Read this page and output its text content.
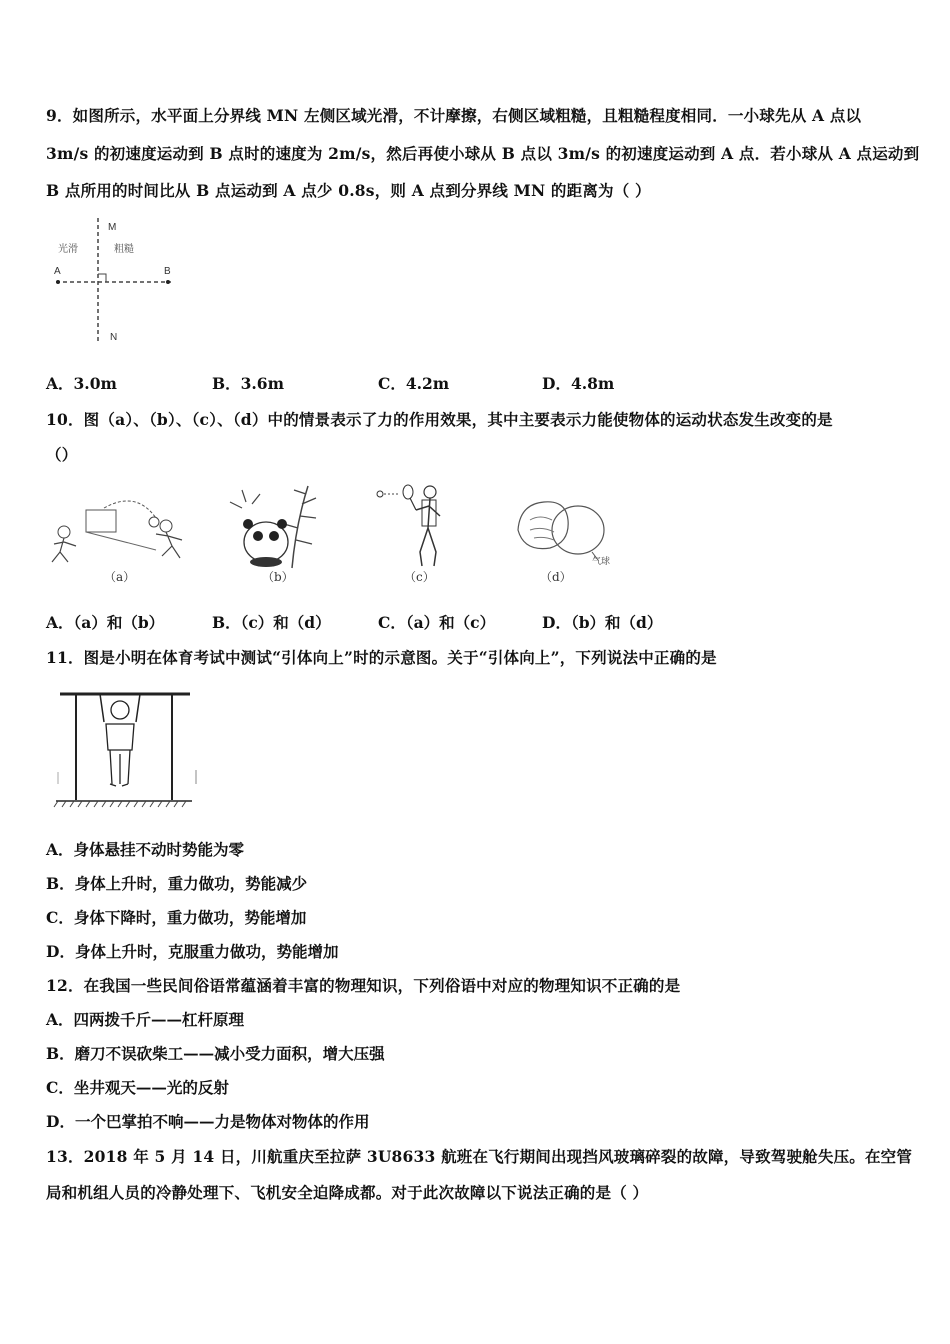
9．如图所示，水平面上分界线 MN 左侧区域光滑，不计摩擦，右侧区域粗糙，且粗糙程度相同．一小球先从 A 点以
3m/s 的初速度运动到 B 点时的速度为 2m/s，然后再使小球从 B 点以 3m/s 的初速度运动到 A 点．若小球从 A 点运动到
B 点所用的时间比从 B 点运动到 A 点少 0.8s，则 A 点到分界线 MN 的距离为（ ）
M
N
A	B
光滑	粗糙
A．3.0m	B．3.6m	C．4.2m	D．4.8m
10．图（a）、（b）、（c）、（d）中的情景表示了力的作用效果，其中主要表示力能使物体的运动状态发生改变的是
（）
（a）	（b）	（c）
气球
（d）
A．（a）和（b）	B．（c）和（d）	C．（a）和（c）	D．（b）和（d）
11．图是小明在体育考试中测试“引体向上”时的示意图。关于“引体向上”，下列说法中正确的是
A．身体悬挂不动时势能为零
B．身体上升时，重力做功，势能减少
C．身体下降时，重力做功，势能增加
D．身体上升时，克服重力做功，势能增加
12．在我国一些民间俗语常蕴涵着丰富的物理知识，下列俗语中对应的物理知识不正确的是
A．四两拨千斤——杠杆原理
B．磨刀不误砍柴工——减小受力面积，增大压强
C．坐井观天——光的反射
D．一个巴掌拍不响——力是物体对物体的作用
13．2018 年 5 月 14 日，川航重庆至拉萨 3U8633 航班在飞行期间出现挡风玻璃碎裂的故障，导致驾驶舱失压。在空管
局和机组人员的冷静处理下、飞机安全迫降成都。对于此次故障以下说法正确的是（ ）
